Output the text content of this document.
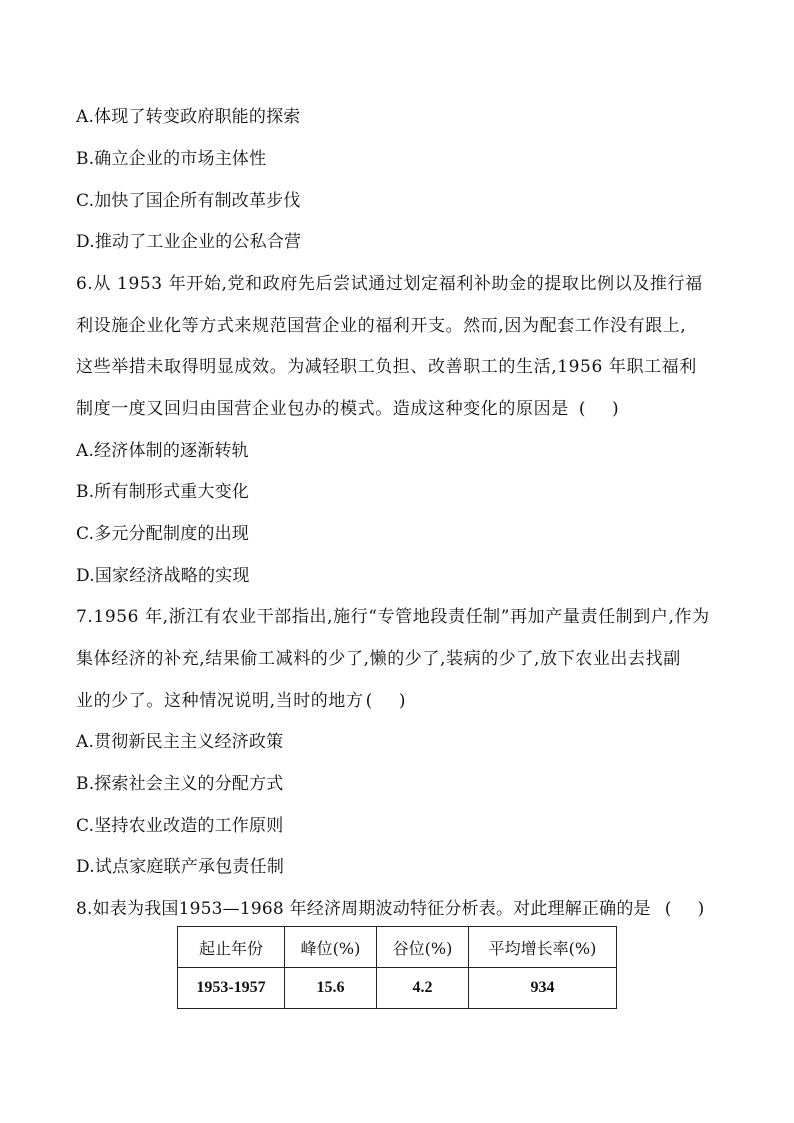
A.体现了转变政府职能的探索
B.确立企业的市场主体性
C.加快了国企所有制改革步伐
D.推动了工业企业的公私合营
6.从 1953 年开始,党和政府先后尝试通过划定福利补助金的提取比例以及推行福
利设施企业化等方式来规范国营企业的福利开支。然而,因为配套工作没有跟上,
这些举措未取得明显成效。为减轻职工负担、改善职工的生活,1956 年职工福利
制度一度又回归由国营企业包办的模式。造成这种变化的原因是 ( )
A.经济体制的逐渐转轨
B.所有制形式重大变化
C.多元分配制度的出现
D.国家经济战略的实现
7.1956 年,浙江有农业干部指出,施行“专管地段责任制”再加产量责任制到户,作为
集体经济的补充,结果偷工减料的少了,懒的少了,装病的少了,放下农业出去找副
业的少了。这种情况说明,当时的地方 ( )
A.贯彻新民主主义经济政策
B.探索社会主义的分配方式
C.坚持农业改造的工作原则
D.试点家庭联产承包责任制
8.如表为我国1953—1968 年经济周期波动特征分析表。对此理解正确的是 ( )
起止年份	峰位(%)	谷位(%)	平均增长率(%)
1953-1957	15.6	4.2	934
